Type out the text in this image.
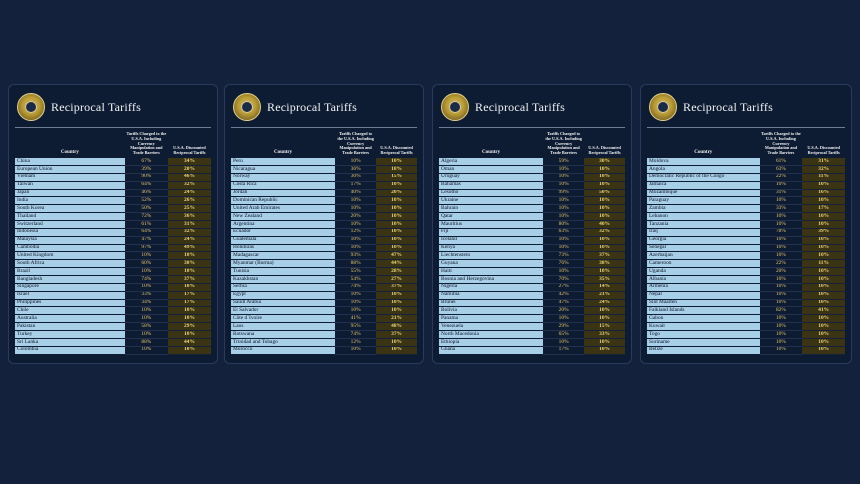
Reciprocal Tariffs
Country	Tariffs Charged to the U.S.A. Including Currency Manipulation and Trade Barriers	U.S.A. Discounted Reciprocal Tariffs
China	67%	34%
European Union	39%	20%
Vietnam	90%	46%
Taiwan	64%	32%
Japan	46%	24%
India	52%	26%
South Korea	50%	25%
Thailand	72%	36%
Switzerland	61%	31%
Indonesia	64%	32%
Malaysia	47%	24%
Cambodia	97%	49%
United Kingdom	10%	10%
South Africa	60%	30%
Brazil	10%	10%
Bangladesh	74%	37%
Singapore	10%	10%
Israel	33%	17%
Philippines	34%	17%
Chile	10%	10%
Australia	10%	10%
Pakistan	58%	29%
Turkey	10%	10%
Sri Lanka	88%	44%
Colombia	10%	10%
Reciprocal Tariffs
Country	Tariffs Charged to the U.S.A. Including Currency Manipulation and Trade Barriers	U.S.A. Discounted Reciprocal Tariffs
Peru	10%	10%
Nicaragua	36%	18%
Norway	30%	15%
Costa Rica	17%	10%
Jordan	40%	20%
Dominican Republic	10%	10%
United Arab Emirates	10%	10%
New Zealand	20%	10%
Argentina	10%	10%
Ecuador	12%	10%
Guatemala	10%	10%
Honduras	10%	10%
Madagascar	93%	47%
Myanmar (Burma)	88%	44%
Tunisia	55%	28%
Kazakhstan	54%	27%
Serbia	74%	37%
Egypt	10%	10%
Saudi Arabia	10%	10%
El Salvador	10%	10%
Côte d`Ivoire	41%	21%
Laos	95%	48%
Botswana	74%	37%
Trinidad and Tobago	12%	10%
Morocco	10%	10%
Reciprocal Tariffs
Country	Tariffs Charged to the U.S.A. Including Currency Manipulation and Trade Barriers	U.S.A. Discounted Reciprocal Tariffs
Algeria	59%	30%
Oman	10%	10%
Uruguay	10%	10%
Bahamas	10%	10%
Lesotho	99%	50%
Ukraine	10%	10%
Bahrain	10%	10%
Qatar	10%	10%
Mauritius	80%	40%
Fiji	63%	32%
Iceland	10%	10%
Kenya	10%	10%
Liechtenstein	73%	37%
Guyana	76%	38%
Haiti	10%	10%
Bosnia and Herzegovina	70%	35%
Nigeria	27%	14%
Namibia	42%	21%
Brunei	47%	24%
Bolivia	20%	10%
Panama	10%	10%
Venezuela	29%	15%
North Macedonia	65%	33%
Ethiopia	10%	10%
Ghana	17%	10%
Reciprocal Tariffs
Country	Tariffs Charged to the U.S.A. Including Currency Manipulation and Trade Barriers	U.S.A. Discounted Reciprocal Tariffs
Moldova	61%	31%
Angola	63%	32%
Democratic Republic of the Congo	22%	11%
Jamaica	10%	10%
Mozambique	31%	16%
Paraguay	10%	10%
Zambia	33%	17%
Lebanon	10%	10%
Tanzania	10%	10%
Iraq	78%	39%
Georgia	10%	10%
Senegal	10%	10%
Azerbaijan	10%	10%
Cameroon	22%	11%
Uganda	20%	10%
Albania	10%	10%
Armenia	10%	10%
Nepal	10%	10%
Sint Maarten	10%	10%
Falkland Islands	82%	41%
Gabon	10%	10%
Kuwait	10%	10%
Togo	10%	10%
Suriname	10%	10%
Belize	10%	10%
